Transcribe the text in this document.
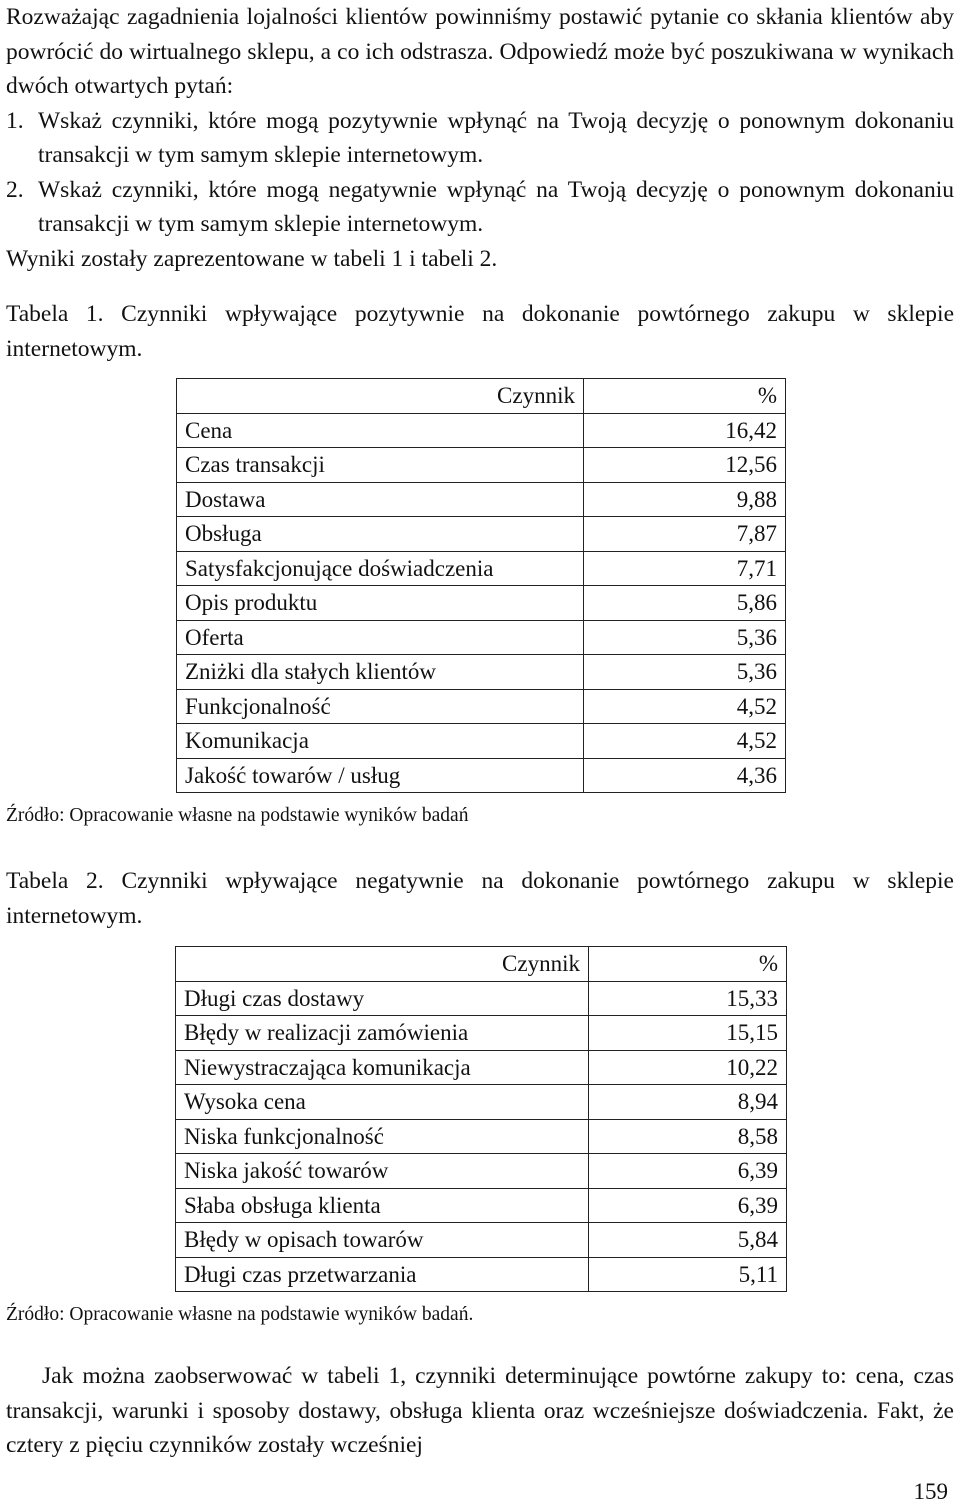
Rozważając zagadnienia lojalności klientów powinniśmy postawić pytanie co skłania klientów aby powrócić do wirtualnego sklepu, a co ich odstrasza. Odpowiedź może być poszukiwana w wynikach dwóch otwartych pytań:

1. Wskaż czynniki, które mogą pozytywnie wpłynąć na Twoją decyzję o ponownym dokonaniu transakcji w tym samym sklepie internetowym.
2. Wskaż czynniki, które mogą negatywnie wpłynąć na Twoją decyzję o ponownym dokonaniu transakcji w tym samym sklepie internetowym.

Wyniki zostały zaprezentowane w tabeli 1 i tabeli 2.

Tabela 1. Czynniki wpływające pozytywnie na dokonanie powtórnego zakupu w sklepie internetowym.

Czynnik	%
Cena	16,42
Czas transakcji	12,56
Dostawa	9,88
Obsługa	7,87
Satysfakcjonujące doświadczenia	7,71
Opis produktu	5,86
Oferta	5,36
Zniżki dla stałych klientów	5,36
Funkcjonalność	4,52
Komunikacja	4,52
Jakość towarów / usług	4,36

Źródło: Opracowanie własne na podstawie wyników badań

Tabela 2. Czynniki wpływające negatywnie na dokonanie powtórnego zakupu w sklepie internetowym.

Czynnik	%
Długi czas dostawy	15,33
Błędy w realizacji zamówienia	15,15
Niewystraczająca komunikacja	10,22
Wysoka cena	8,94
Niska funkcjonalność	8,58
Niska jakość towarów	6,39
Słaba obsługa klienta	6,39
Błędy w opisach towarów	5,84
Długi czas przetwarzania	5,11

Źródło: Opracowanie własne na podstawie wyników badań.

Jak można zaobserwować w tabeli 1, czynniki determinujące powtórne zakupy to: cena, czas transakcji, warunki i sposoby dostawy, obsługa klienta oraz wcześniejsze doświadczenia. Fakt, że cztery z pięciu czynników zostały wcześniej

159
